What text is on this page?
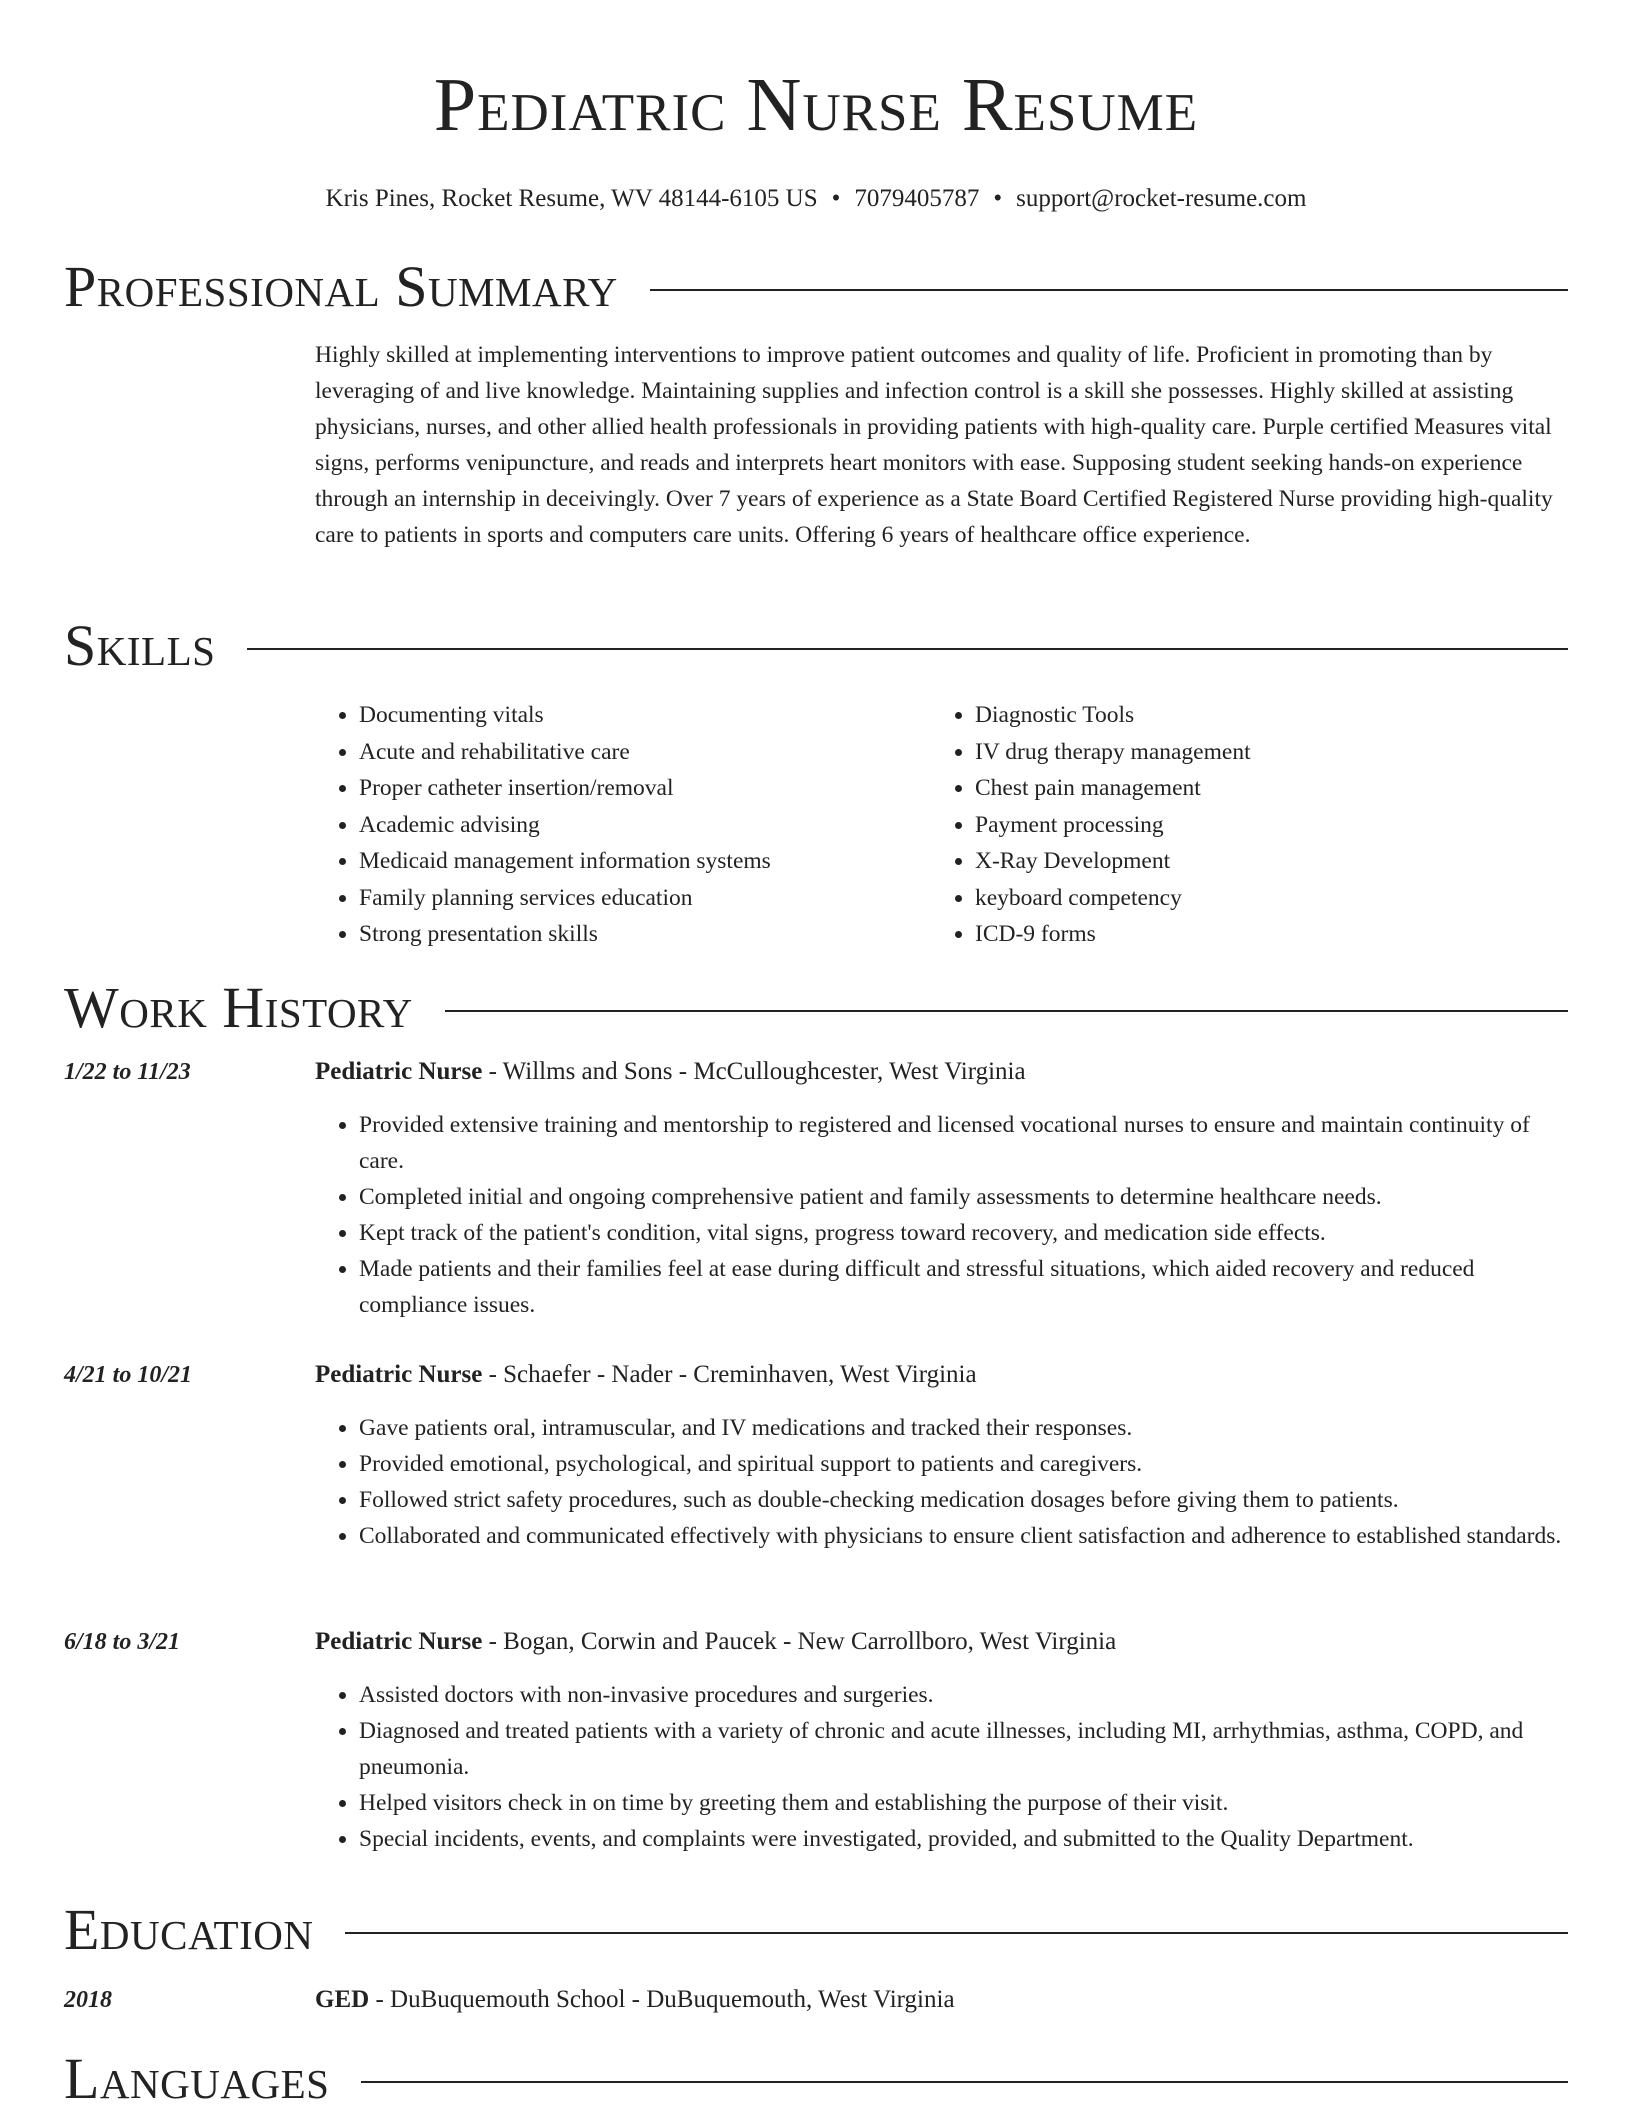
Pediatric Nurse Resume
Kris Pines, Rocket Resume, WV 48144-6105 US • 7079405787 • support@rocket-resume.com
Professional Summary

Highly skilled at implementing interventions to improve patient outcomes and quality of life. Proficient in promoting than by leveraging of and live knowledge. Maintaining supplies and infection control is a skill she possesses. Highly skilled at assisting physicians, nurses, and other allied health professionals in providing patients with high-quality care. Purple certified Measures vital signs, performs venipuncture, and reads and interprets heart monitors with ease. Supposing student seeking hands-on experience through an internship in deceivingly. Over 7 years of experience as a State Board Certified Registered Nurse providing high-quality care to patients in sports and computers care units. Offering 6 years of healthcare office experience.

Skills
• Documenting vitals
• Acute and rehabilitative care
• Proper catheter insertion/removal
• Academic advising
• Medicaid management information systems
• Family planning services education
• Strong presentation skills
• Diagnostic Tools
• IV drug therapy management
• Chest pain management
• Payment processing
• X-Ray Development
• keyboard competency
• ICD-9 forms
Work History
1/22 to 11/23	Pediatric Nurse - Willms and Sons - McCulloughcester, West Virginia
• Provided extensive training and mentorship to registered and licensed vocational nurses to ensure and maintain continuity of care.
• Completed initial and ongoing comprehensive patient and family assessments to determine healthcare needs.
• Kept track of the patient's condition, vital signs, progress toward recovery, and medication side effects.
• Made patients and their families feel at ease during difficult and stressful situations, which aided recovery and reduced compliance issues.
4/21 to 10/21	Pediatric Nurse - Schaefer - Nader - Creminhaven, West Virginia
• Gave patients oral, intramuscular, and IV medications and tracked their responses.
• Provided emotional, psychological, and spiritual support to patients and caregivers.
• Followed strict safety procedures, such as double-checking medication dosages before giving them to patients.
• Collaborated and communicated effectively with physicians to ensure client satisfaction and adherence to established standards.
6/18 to 3/21	Pediatric Nurse - Bogan, Corwin and Paucek - New Carrollboro, West Virginia
• Assisted doctors with non-invasive procedures and surgeries.
• Diagnosed and treated patients with a variety of chronic and acute illnesses, including MI, arrhythmias, asthma, COPD, and pneumonia.
• Helped visitors check in on time by greeting them and establishing the purpose of their visit.
• Special incidents, events, and complaints were investigated, provided, and submitted to the Quality Department.
Education
2018	GED - DuBuquemouth School - DuBuquemouth, West Virginia
Languages
